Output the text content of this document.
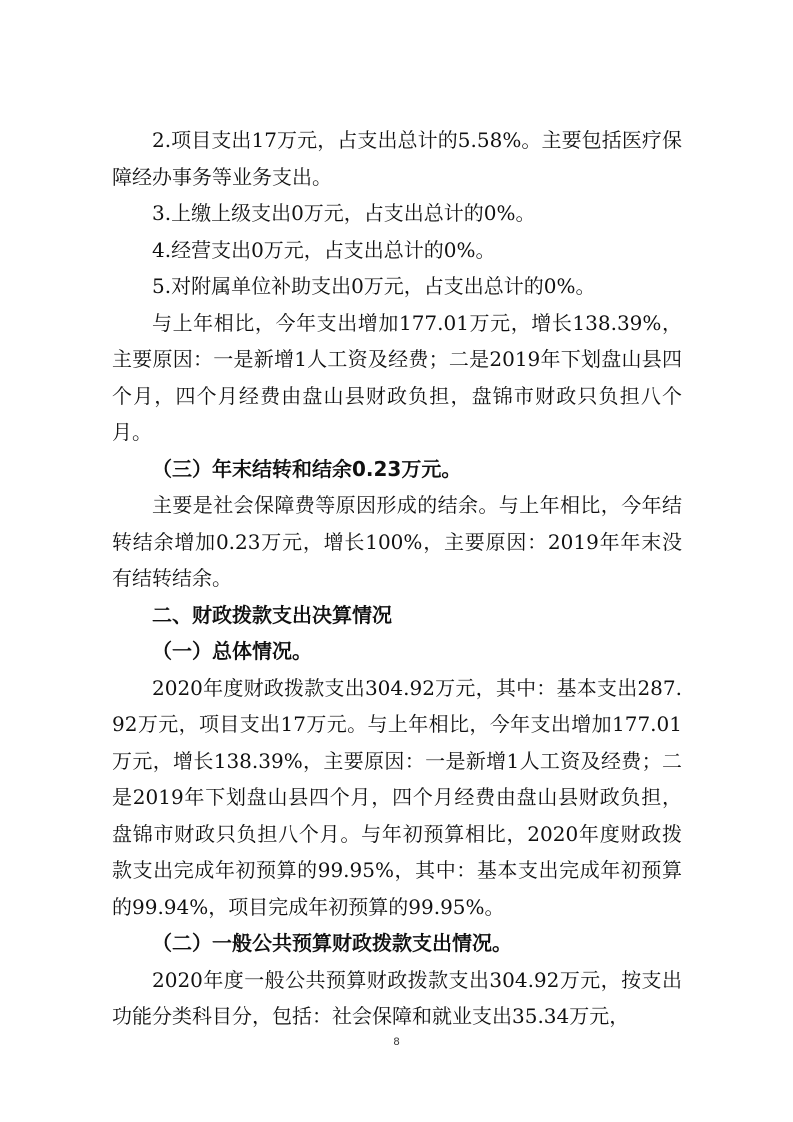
2.项目支出17万元，占支出总计的5.58%。主要包括医疗保障经办事务等业务支出。

3.上缴上级支出0万元，占支出总计的0%。

4.经营支出0万元，占支出总计的0%。

5.对附属单位补助支出0万元，占支出总计的0%。

与上年相比，今年支出增加177.01万元，增长138.39%，主要原因：一是新增1人工资及经费；二是2019年下划盘山县四个月，四个月经费由盘山县财政负担，盘锦市财政只负担八个月。

（三）年末结转和结余0.23万元。

主要是社会保障费等原因形成的结余。与上年相比，今年结转结余增加0.23万元，增长100%，主要原因：2019年年末没有结转结余。

二、财政拨款支出决算情况

（一）总体情况。

2020年度财政拨款支出304.92万元，其中：基本支出287.92万元，项目支出17万元。与上年相比，今年支出增加177.01万元，增长138.39%，主要原因：一是新增1人工资及经费；二是2019年下划盘山县四个月，四个月经费由盘山县财政负担，盘锦市财政只负担八个月。与年初预算相比，2020年度财政拨款支出完成年初预算的99.95%，其中：基本支出完成年初预算的99.94%，项目完成年初预算的99.95%。

（二）一般公共预算财政拨款支出情况。

2020年度一般公共预算财政拨款支出304.92万元，按支出功能分类科目分，包括：社会保障和就业支出35.34万元，

8
